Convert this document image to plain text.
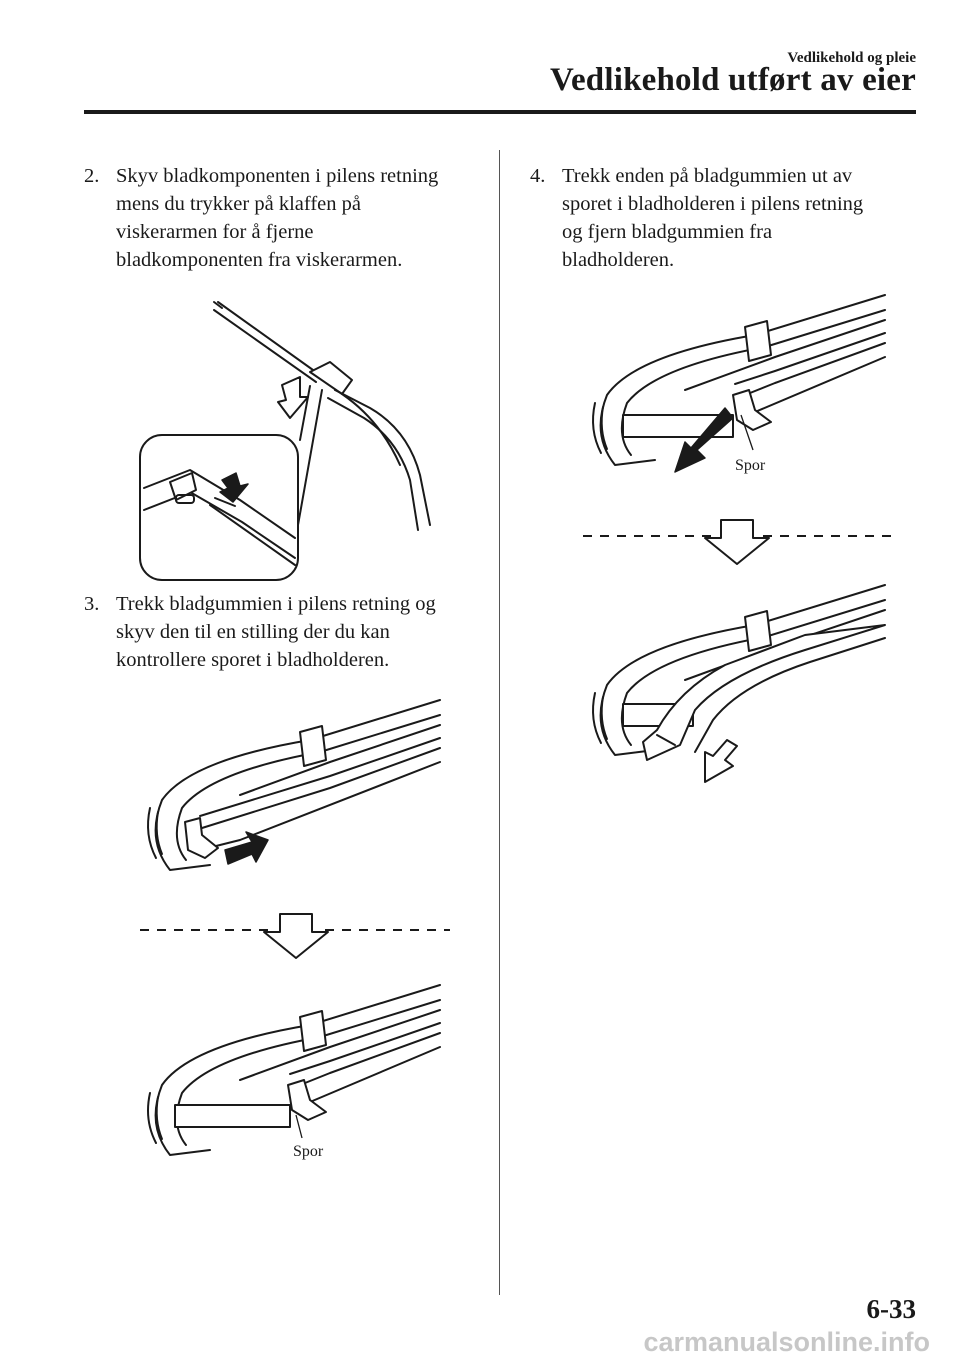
Vedlikehold og pleie
Vedlikehold utført av eier
2. Skyv bladkomponenten i pilens retning
mens du trykker på klaffen på
viskerarmen for å fjerne
bladkomponenten fra viskerarmen.
3. Trekk bladgummien i pilens retning og
skyv den til en stilling der du kan
kontrollere sporet i bladholderen.
4. Trekk enden på bladgummien ut av
sporet i bladholderen i pilens retning
og fjern bladgummien fra
bladholderen.
Spor
Spor
6-33
carmanualsonline.info
